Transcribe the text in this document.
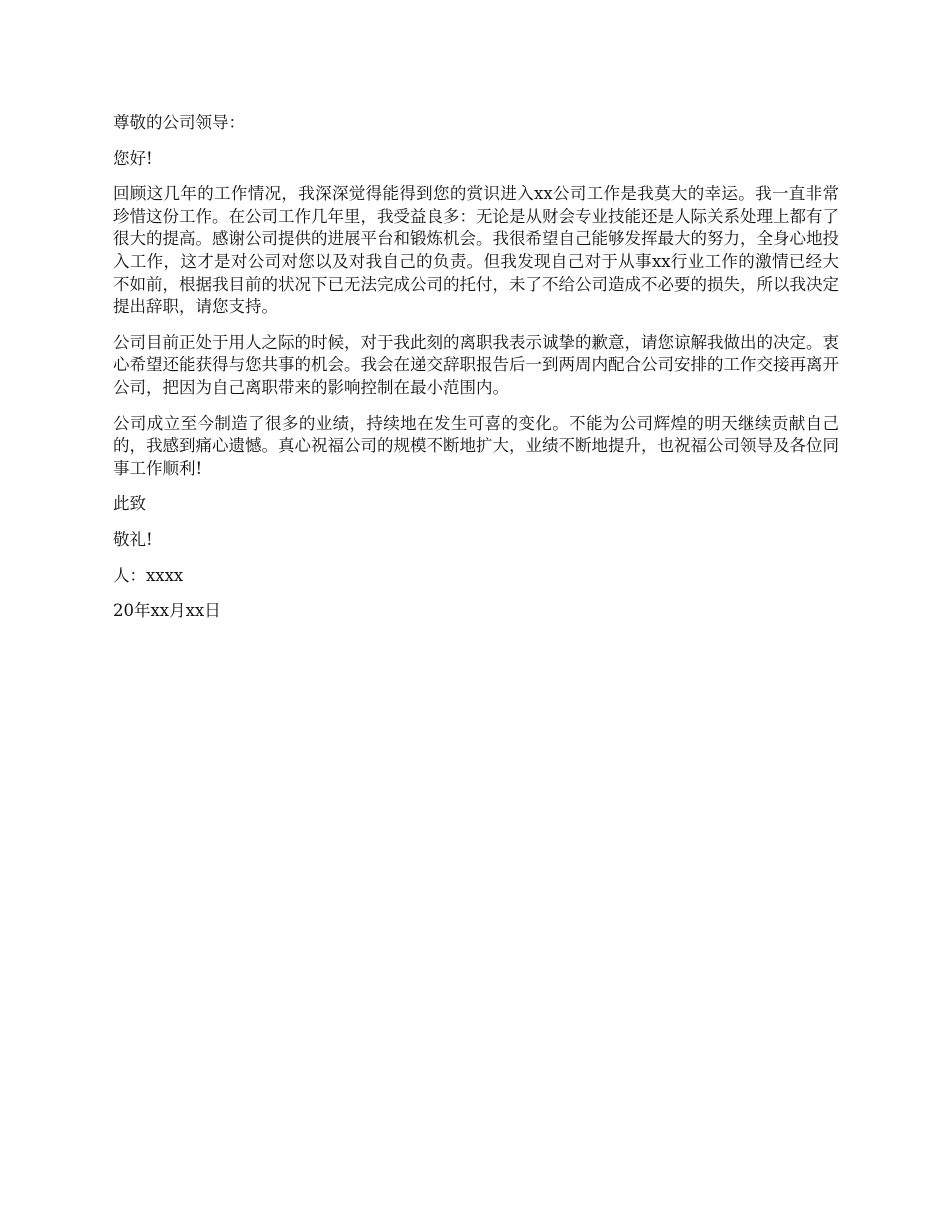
尊敬的公司领导：

您好!

回顾这几年的工作情况，我深深觉得能得到您的赏识进入xx公司工作是我莫大的幸运。我一直非常珍惜这份工作。在公司工作几年里，我受益良多：无论是从财会专业技能还是人际关系处理上都有了很大的提高。感谢公司提供的进展平台和锻炼机会。我很希望自己能够发挥最大的努力，全身心地投入工作，这才是对公司对您以及对我自己的负责。但我发现自己对于从事xx行业工作的激情已经大不如前，根据我目前的状况下已无法完成公司的托付，未了不给公司造成不必要的损失，所以我决定提出辞职，请您支持。

公司目前正处于用人之际的时候，对于我此刻的离职我表示诚挚的歉意，请您谅解我做出的决定。衷心希望还能获得与您共事的机会。我会在递交辞职报告后一到两周内配合公司安排的工作交接再离开公司，把因为自己离职带来的影响控制在最小范围内。

公司成立至今制造了很多的业绩，持续地在发生可喜的变化。不能为公司辉煌的明天继续贡献自己的，我感到痛心遗憾。真心祝福公司的规模不断地扩大，业绩不断地提升，也祝福公司领导及各位同事工作顺利!

此致

敬礼!

人：xxxx

20年xx月xx日
